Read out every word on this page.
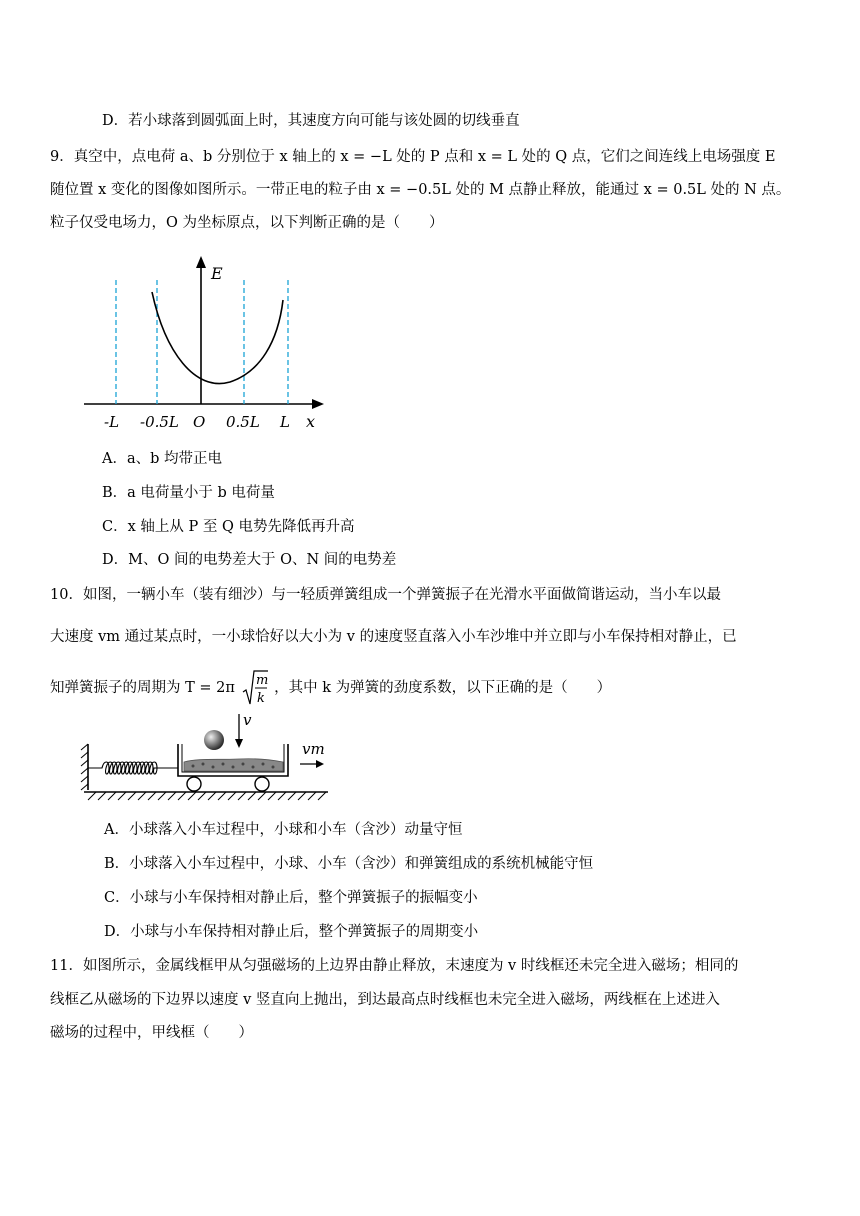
D．若小球落到圆弧面上时，其速度方向可能与该处圆的切线垂直
9．真空中，点电荷 a、b 分别位于 x 轴上的 x = −L 处的 P 点和 x = L 处的 Q 点，它们之间连线上电场强度 E
随位置 x 变化的图像如图所示。一带正电的粒子由 x = −0.5L 处的 M 点静止释放，能通过 x = 0.5L 处的 N 点。
粒子仅受电场力，O 为坐标原点，以下判断正确的是（　　）
E
x
-L -0.5L O 0.5L L
A．a、b 均带正电
B．a 电荷量小于 b 电荷量
C．x 轴上从 P 至 Q 电势先降低再升高
D．M、O 间的电势差大于 O、N 间的电势差
10．如图，一辆小车（装有细沙）与一轻质弹簧组成一个弹簧振子在光滑水平面做简谐运动，当小车以最
大速度 vm 通过某点时，一小球恰好以大小为 v 的速度竖直落入小车沙堆中并立即与小车保持相对静止，已
知弹簧振子的周期为 T = 2π m
k
，其中 k 为弹簧的劲度系数，以下正确的是（　　）
v
vm
A．小球落入小车过程中，小球和小车（含沙）动量守恒
B．小球落入小车过程中，小球、小车（含沙）和弹簧组成的系统机械能守恒
C．小球与小车保持相对静止后，整个弹簧振子的振幅变小
D．小球与小车保持相对静止后，整个弹簧振子的周期变小
11．如图所示，金属线框甲从匀强磁场的上边界由静止释放，末速度为 v 时线框还未完全进入磁场；相同的
线框乙从磁场的下边界以速度 v 竖直向上抛出，到达最高点时线框也未完全进入磁场，两线框在上述进入
磁场的过程中，甲线框（　　）
